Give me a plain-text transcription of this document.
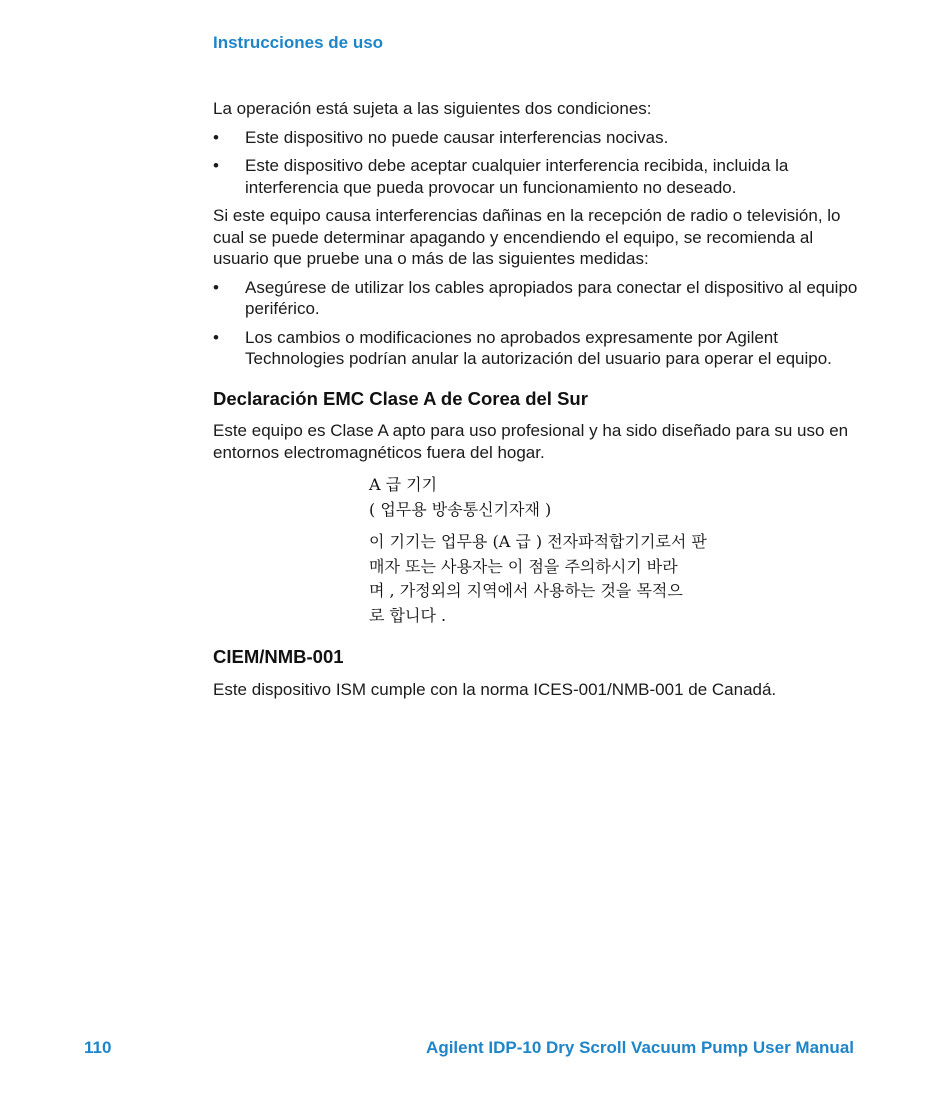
Instrucciones de uso

La operación está sujeta a las siguientes dos condiciones:

• Este dispositivo no puede causar interferencias nocivas.
• Este dispositivo debe aceptar cualquier interferencia recibida, incluida la interferencia que pueda provocar un funcionamiento no deseado.

Si este equipo causa interferencias dañinas en la recepción de radio o televisión, lo cual se puede determinar apagando y encendiendo el equipo, se recomienda al usuario que pruebe una o más de las siguientes medidas:

• Asegúrese de utilizar los cables apropiados para conectar el dispositivo al equipo periférico.
• Los cambios o modificaciones no aprobados expresamente por Agilent Technologies podrían anular la autorización del usuario para operar el equipo.
Declaración EMC Clase A de Corea del Sur

Este equipo es Clase A apto para uso profesional y ha sido diseñado para su uso en entornos electromagnéticos fuera del hogar.

A 급 기기
( 업무용 방송통신기자재 )
이 기기는 업무용 (A 급 ) 전자파적합기기로서 판
매자 또는 사용자는 이 점을 주의하시기 바라
며 , 가정외의 지역에서 사용하는 것을 목적으
로 합니다 .
CIEM/NMB-001

Este dispositivo ISM cumple con la norma ICES-001/NMB-001 de Canadá.

110	Agilent IDP-10 Dry Scroll Vacuum Pump User Manual
